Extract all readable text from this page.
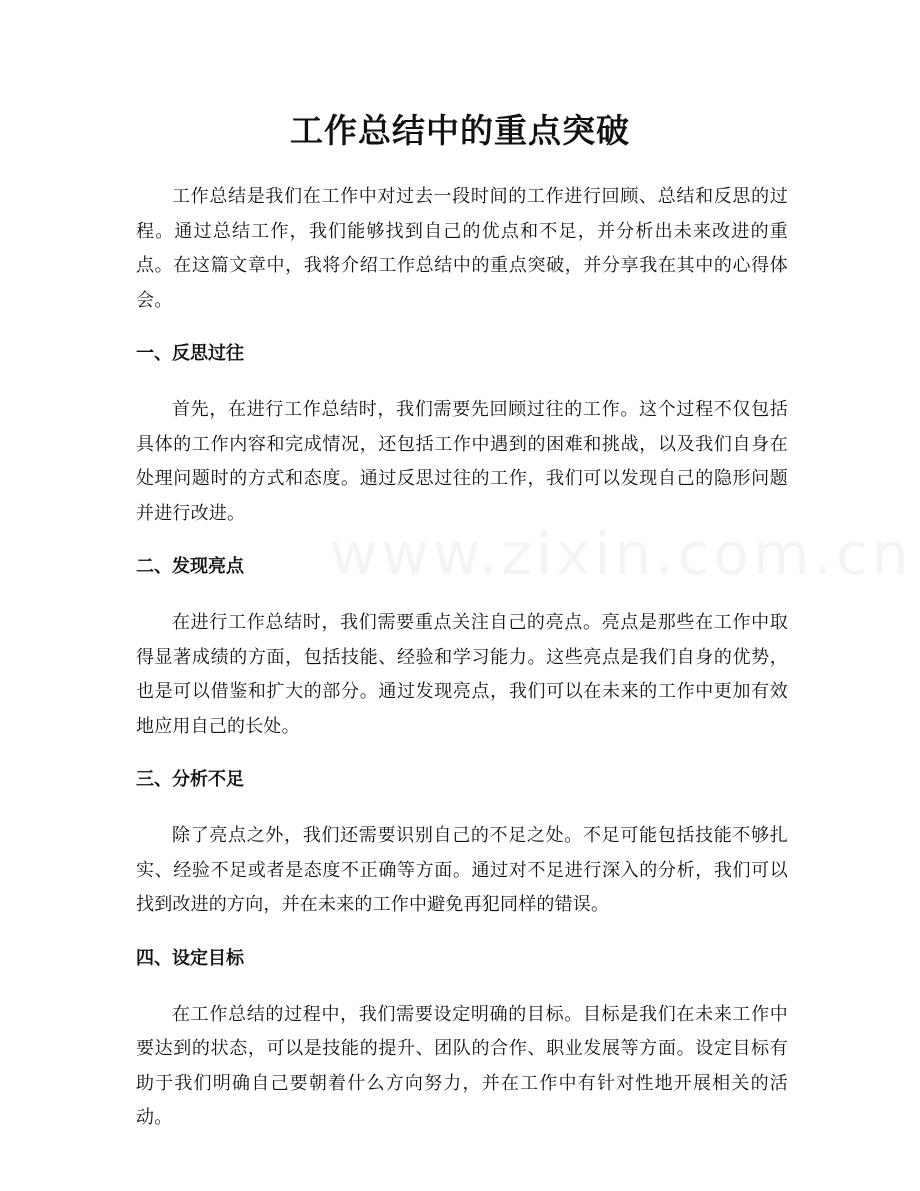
工作总结中的重点突破

工作总结是我们在工作中对过去一段时间的工作进行回顾、总结和反思的过程。通过总结工作，我们能够找到自己的优点和不足，并分析出未来改进的重点。在这篇文章中，我将介绍工作总结中的重点突破，并分享我在其中的心得体会。

一、反思过往

首先，在进行工作总结时，我们需要先回顾过往的工作。这个过程不仅包括具体的工作内容和完成情况，还包括工作中遇到的困难和挑战，以及我们自身在处理问题时的方式和态度。通过反思过往的工作，我们可以发现自己的隐形问题并进行改进。

二、发现亮点

在进行工作总结时，我们需要重点关注自己的亮点。亮点是那些在工作中取得显著成绩的方面，包括技能、经验和学习能力。这些亮点是我们自身的优势，也是可以借鉴和扩大的部分。通过发现亮点，我们可以在未来的工作中更加有效地应用自己的长处。

三、分析不足

除了亮点之外，我们还需要识别自己的不足之处。不足可能包括技能不够扎实、经验不足或者是态度不正确等方面。通过对不足进行深入的分析，我们可以找到改进的方向，并在未来的工作中避免再犯同样的错误。

四、设定目标

在工作总结的过程中，我们需要设定明确的目标。目标是我们在未来工作中要达到的状态，可以是技能的提升、团队的合作、职业发展等方面。设定目标有助于我们明确自己要朝着什么方向努力，并在工作中有针对性地开展相关的活动。
